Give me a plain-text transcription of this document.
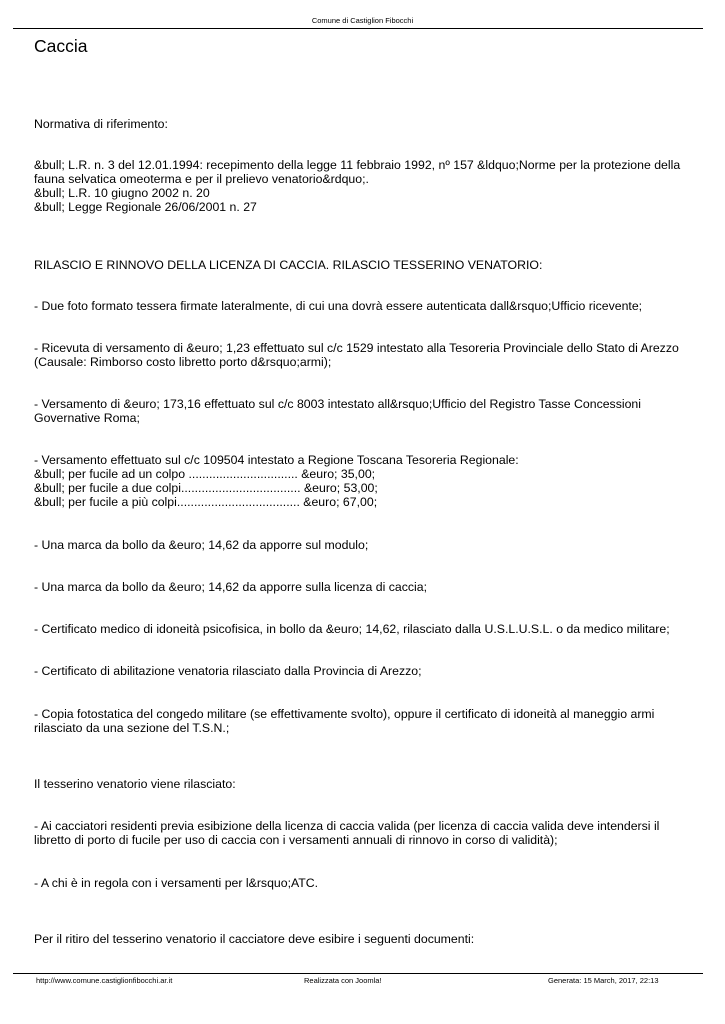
Comune di Castiglion Fibocchi
Caccia
Normativa di riferimento:
&bull; L.R. n. 3 del 12.01.1994: recepimento della legge 11 febbraio 1992, nº 157 &ldquo;Norme per la protezione della
fauna selvatica omeoterma e per il prelievo venatorio&rdquo;.
&bull; L.R. 10 giugno 2002 n. 20
&bull; Legge Regionale 26/06/2001 n. 27
RILASCIO E RINNOVO DELLA LICENZA DI CACCIA. RILASCIO TESSERINO VENATORIO:
- Due foto formato tessera firmate lateralmente, di cui una dovrà essere autenticata dall&rsquo;Ufficio ricevente;
- Ricevuta di versamento di &euro; 1,23 effettuato sul c/c 1529 intestato alla Tesoreria Provinciale dello Stato di Arezzo
(Causale: Rimborso costo libretto porto d&rsquo;armi);
- Versamento di &euro; 173,16 effettuato sul c/c 8003 intestato all&rsquo;Ufficio del Registro Tasse Concessioni
Governative Roma;
- Versamento effettuato sul c/c 109504 intestato a Regione Toscana Tesoreria Regionale:
&bull; per fucile ad un colpo ................................ &euro; 35,00;
&bull; per fucile a due colpi................................... &euro; 53,00;
&bull; per fucile a più colpi.................................... &euro; 67,00;
- Una marca da bollo da &euro; 14,62 da apporre sul modulo;
- Una marca da bollo da &euro; 14,62 da apporre sulla licenza di caccia;
- Certificato medico di idoneità psicofisica, in bollo da &euro; 14,62, rilasciato dalla U.S.L.U.S.L. o da medico militare;
- Certificato di abilitazione venatoria rilasciato dalla Provincia di Arezzo;
- Copia fotostatica del congedo militare (se effettivamente svolto), oppure il certificato di idoneità al maneggio armi
rilasciato da una sezione del T.S.N.;
Il tesserino venatorio viene rilasciato:
- Ai cacciatori residenti previa esibizione della licenza di caccia valida (per licenza di caccia valida deve intendersi il
libretto di porto di fucile per uso di caccia con i versamenti annuali di rinnovo in corso di validità);
- A chi è in regola con i versamenti per l&rsquo;ATC.
Per il ritiro del tesserino venatorio il cacciatore deve esibire i seguenti documenti:
http://www.comune.castiglionfibocchi.ar.it	Realizzata con Joomla!	Generata: 15 March, 2017, 22:13
